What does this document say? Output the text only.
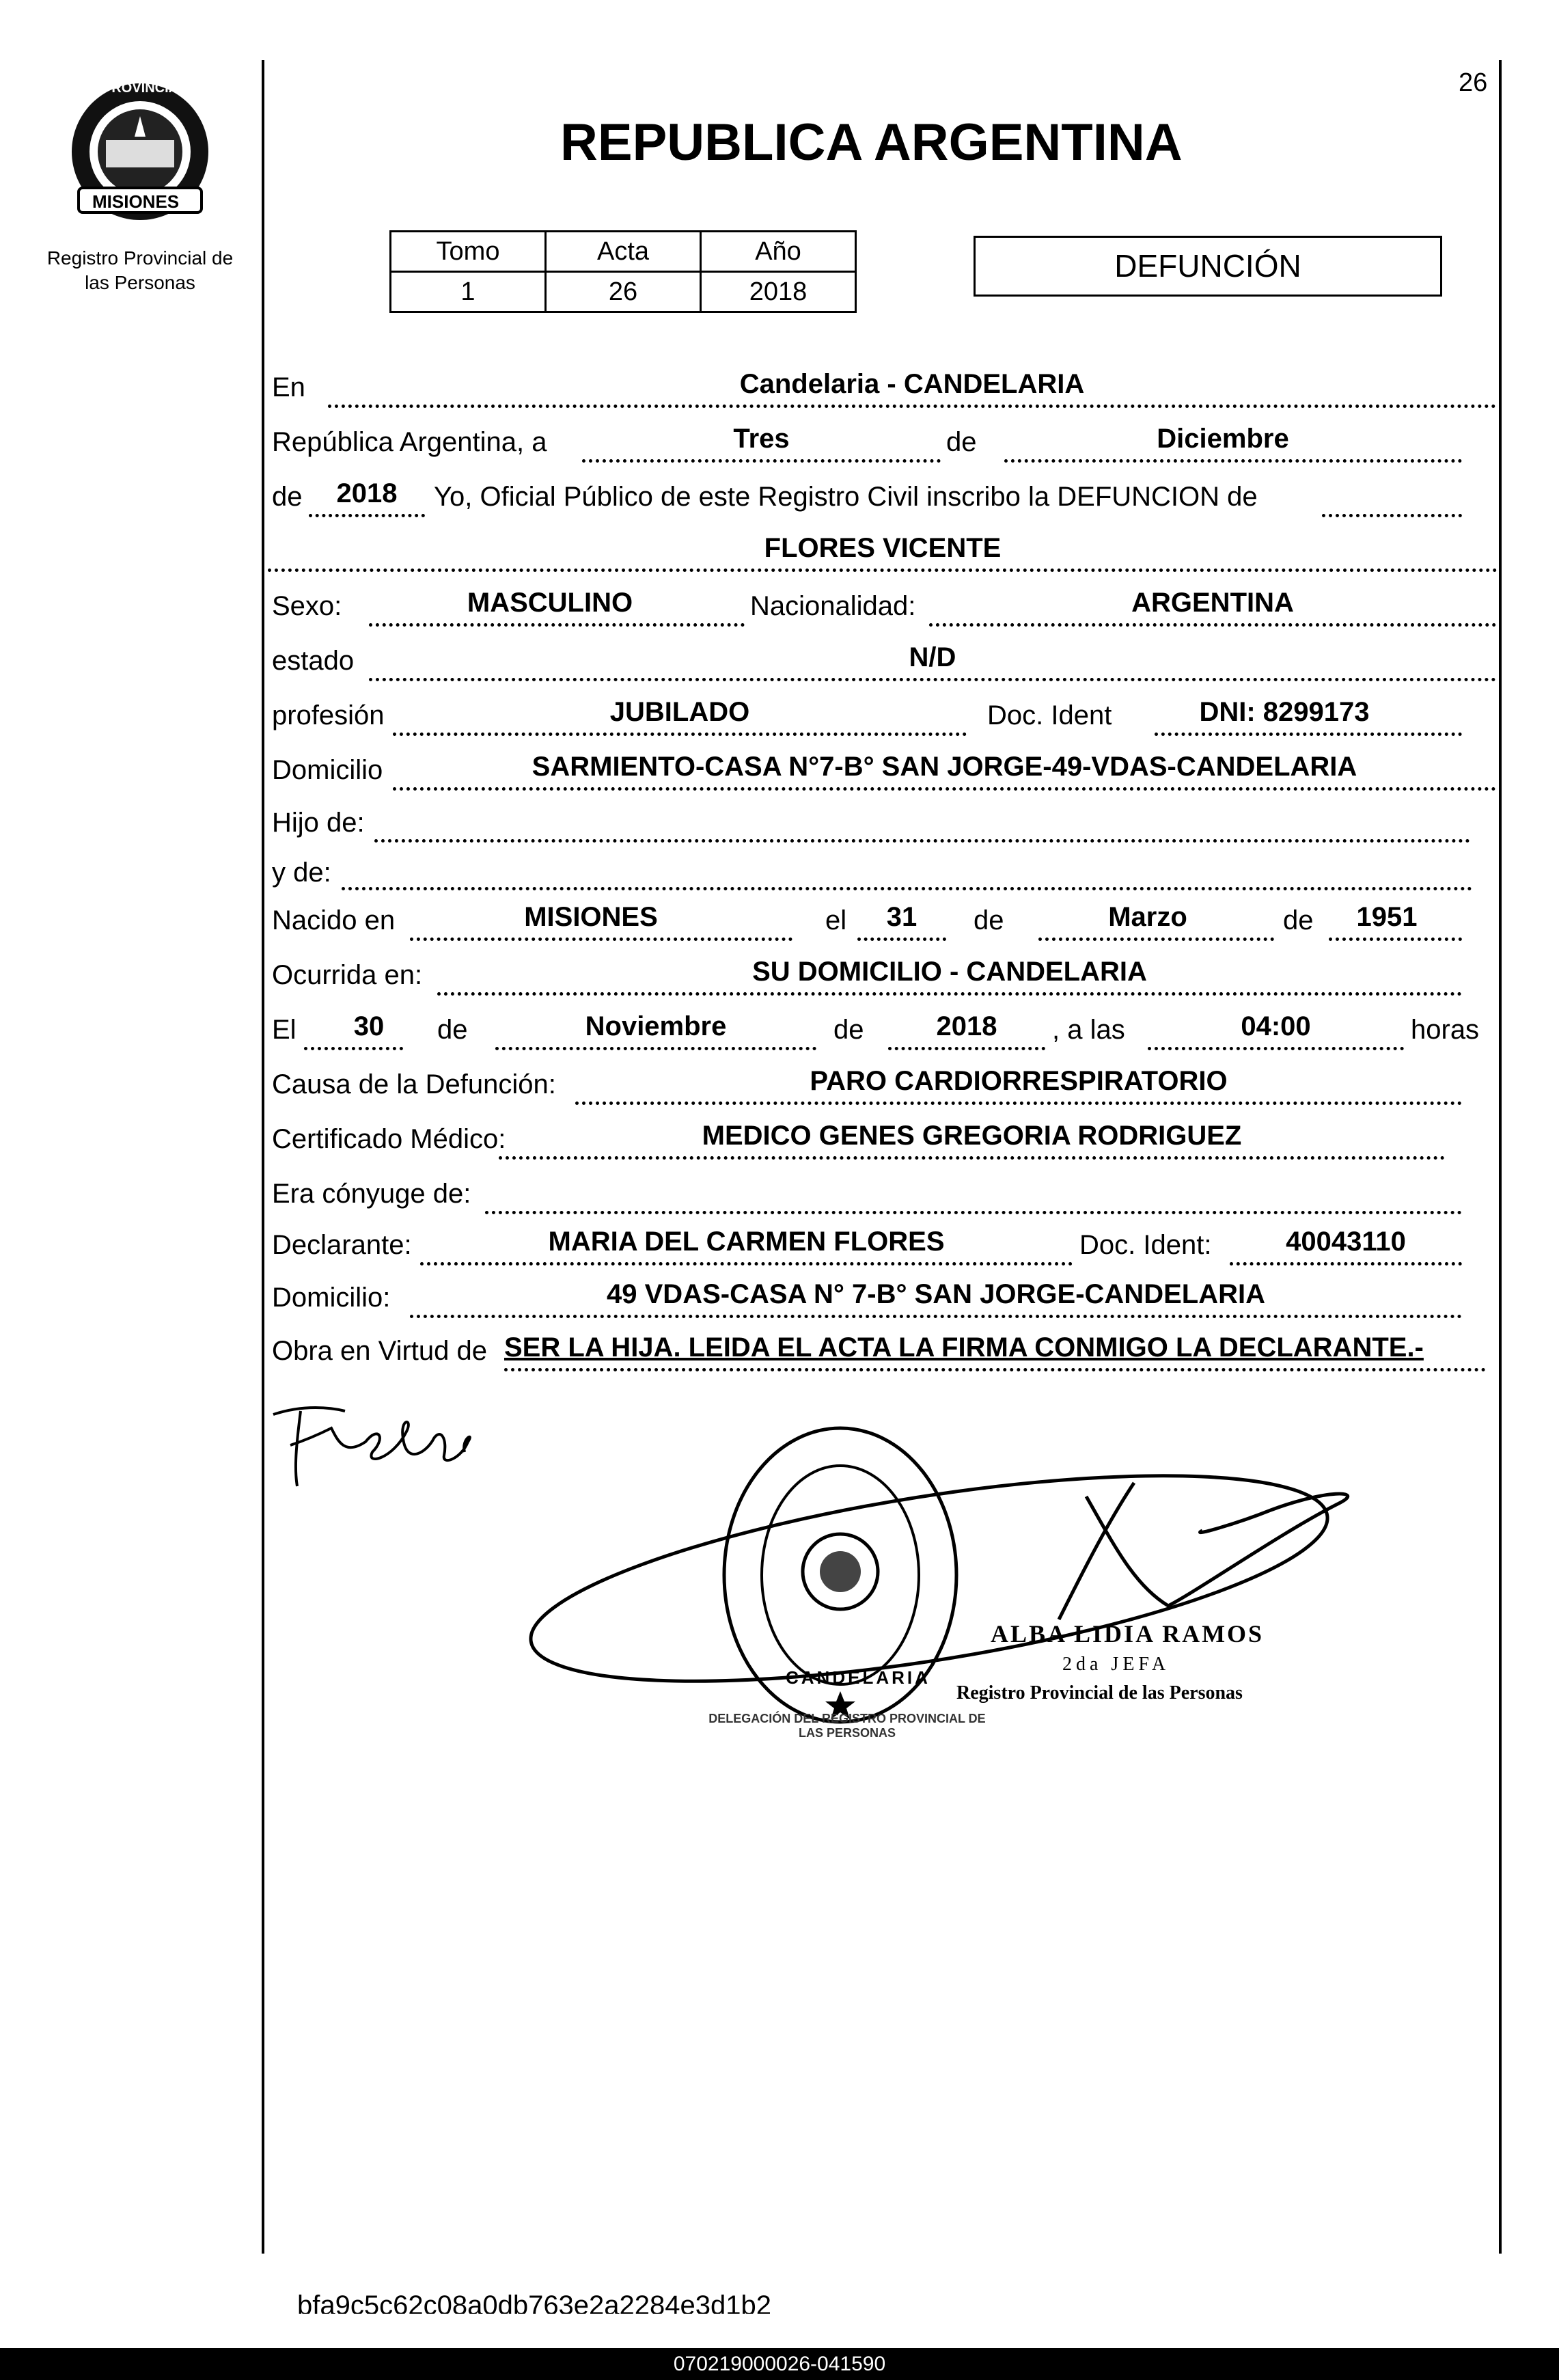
PROVINCIA DE
MISIONES
Registro Provincial de
las Personas
REPUBLICA ARGENTINA
26
Tomo	Acta	Año
1	26	2018
DEFUNCIÓN
En	Candelaria - CANDELARIA
República Argentina, a	Tres	de	Diciembre
de	2018	Yo, Oficial Público de este Registro Civil inscribo la DEFUNCION de
FLORES VICENTE
Sexo:	MASCULINO	Nacionalidad:	ARGENTINA
estado	N/D
profesión	JUBILADO	Doc. Ident	DNI: 8299173
Domicilio	SARMIENTO-CASA N°7-B° SAN JORGE-49-VDAS-CANDELARIA
Hijo de:
y de:
Nacido en	MISIONES	el	31	de	Marzo	de	1951
Ocurrida en:	SU DOMICILIO - CANDELARIA
El	30	de	Noviembre	de	2018	, a las	04:00	horas
Causa de la Defunción:	PARO CARDIORRESPIRATORIO
Certificado Médico:	MEDICO GENES GREGORIA RODRIGUEZ
Era cónyuge de:
Declarante:	MARIA DEL CARMEN FLORES	Doc. Ident:	40043110
Domicilio:	49 VDAS-CASA N° 7-B° SAN JORGE-CANDELARIA
Obra en Virtud de SER LA HIJA. LEIDA EL ACTA LA FIRMA CONMIGO LA DECLARANTE.-
DELEGACIÓN DEL REGISTRO PROVINCIAL DE LAS PERSONAS
CANDELARIA
ALBA LIDIA RAMOS
2da JEFA
Registro Provincial de las Personas
bfa9c5c62c08a0db763e2a2284e3d1b2
070219000026-041590
